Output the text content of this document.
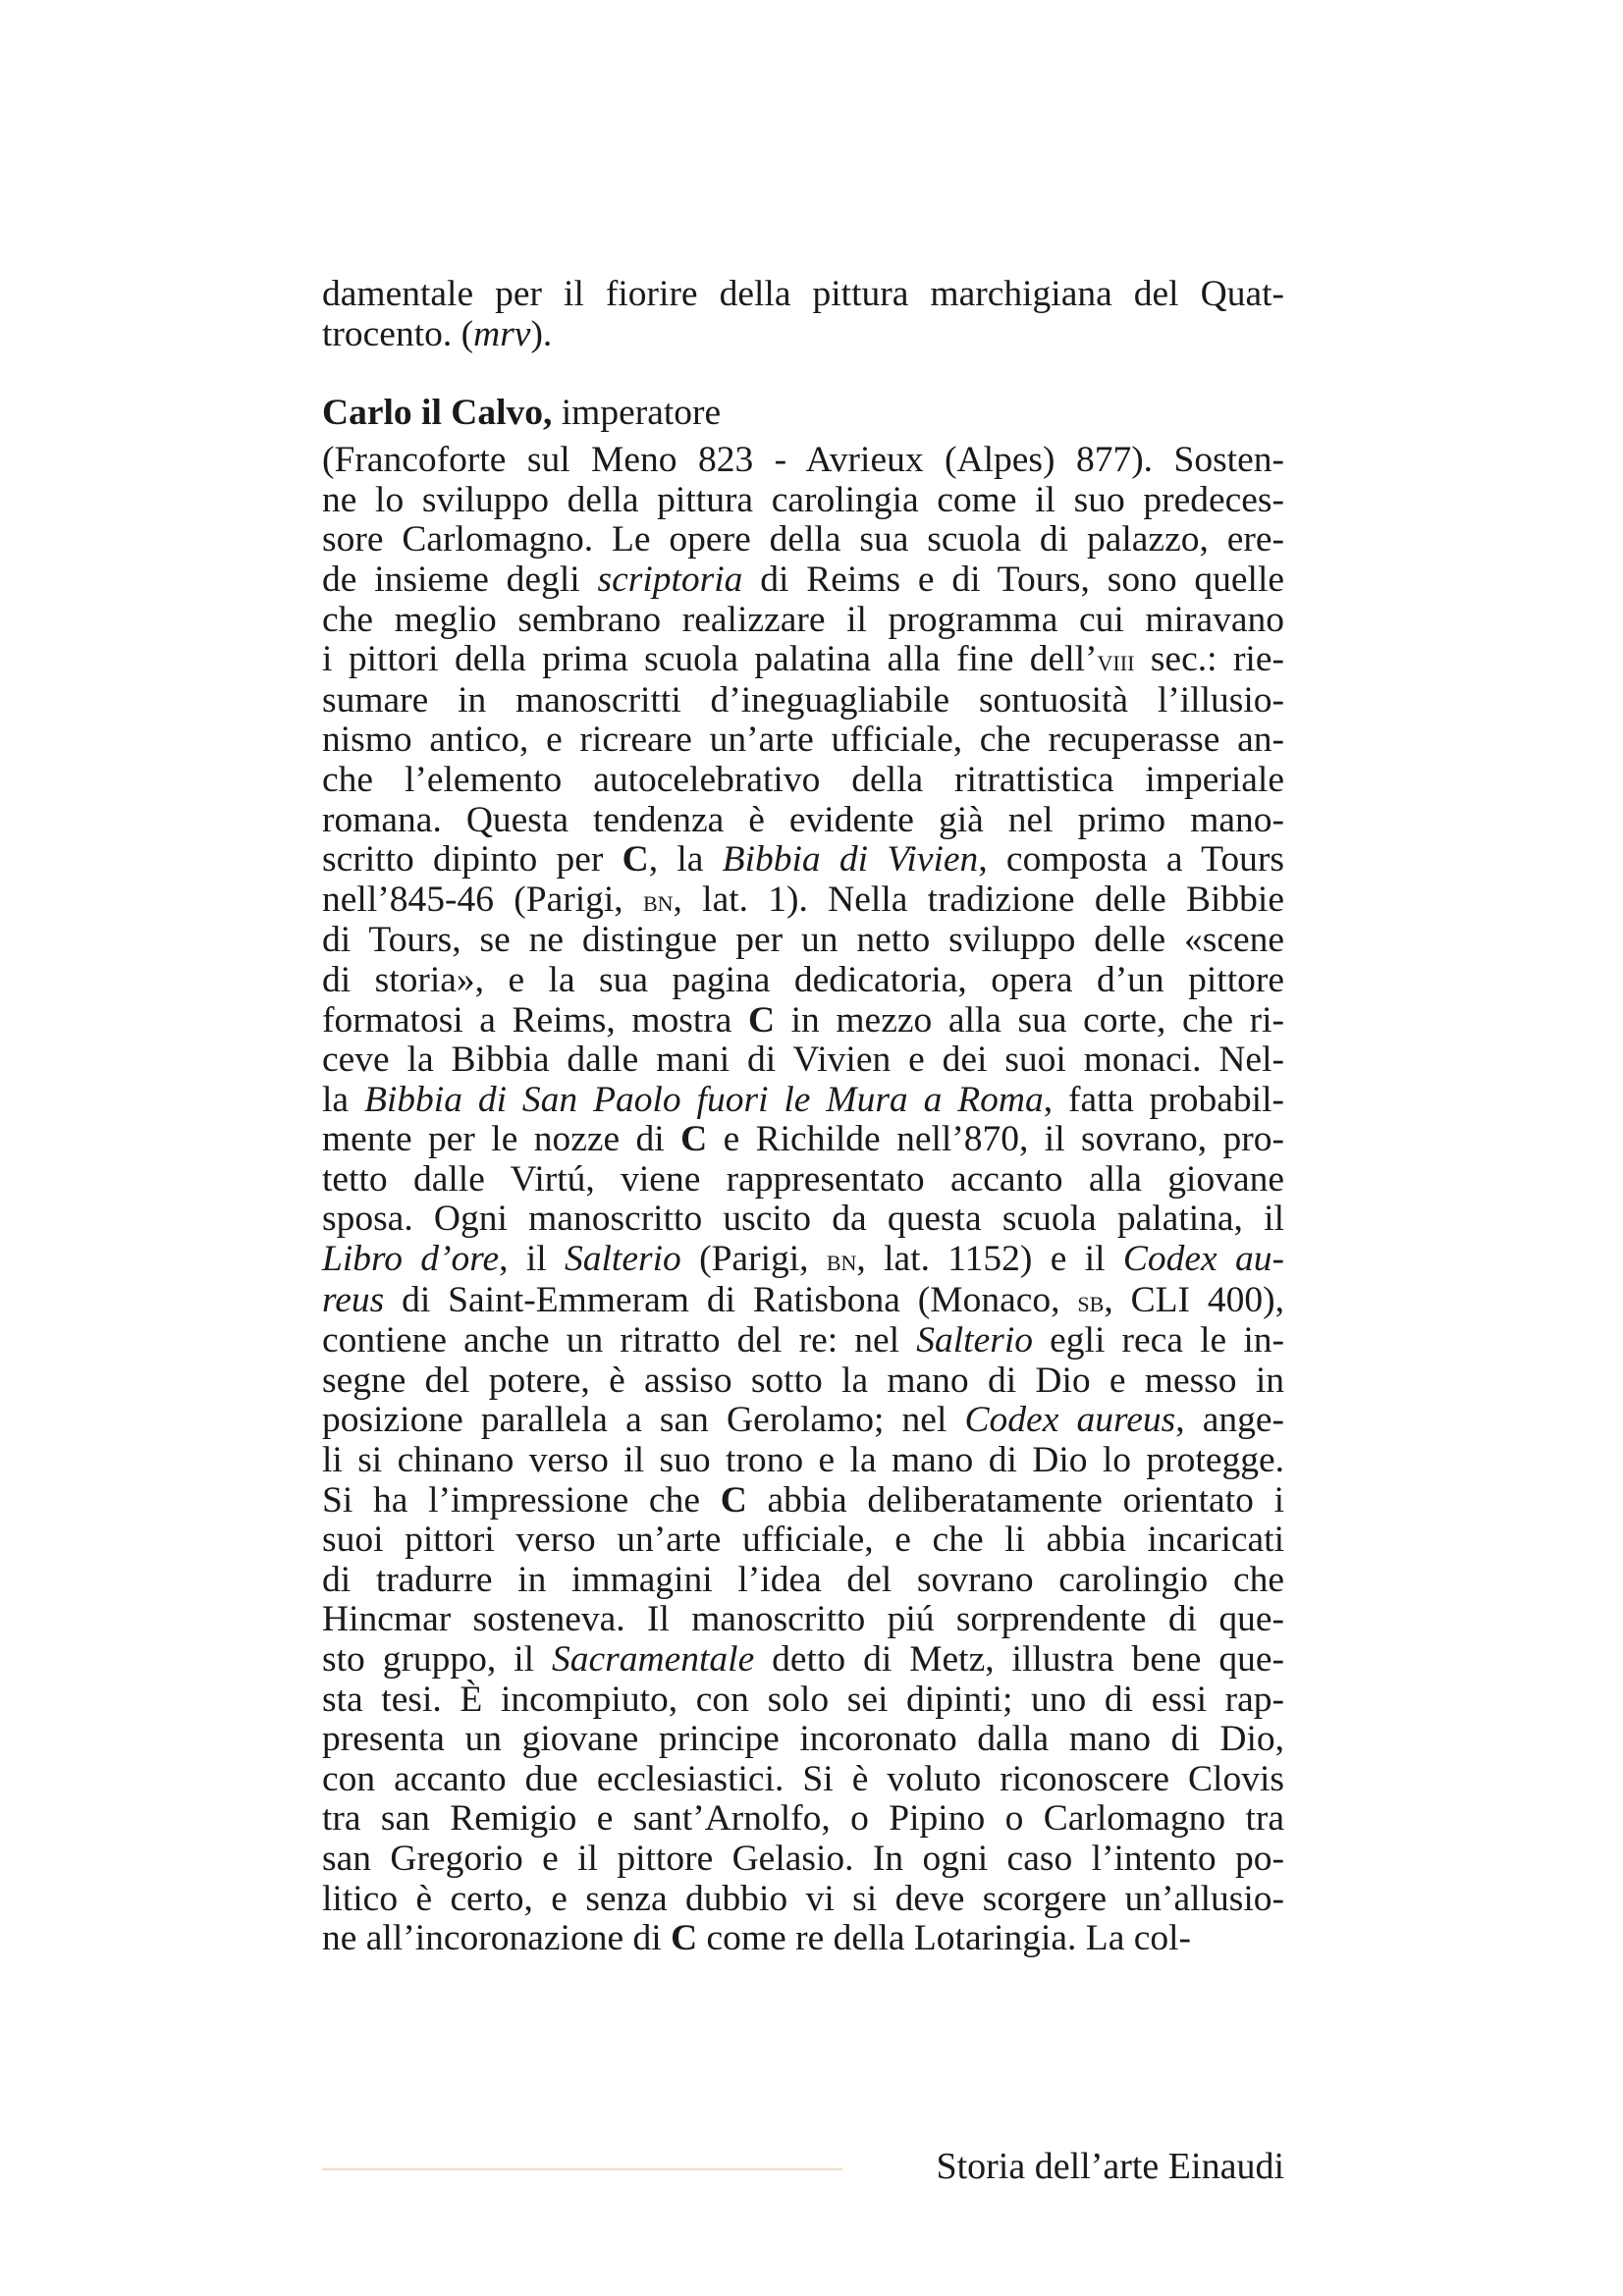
damentale per il fiorire della pittura marchigiana del Quat-
trocento. (mrv).
Carlo il Calvo, imperatore
(Francoforte sul Meno 823 - Avrieux (Alpes) 877). Sosten-
ne lo sviluppo della pittura carolingia come il suo predeces-
sore Carlomagno. Le opere della sua scuola di palazzo, ere-
de insieme degli scriptoria di Reims e di Tours, sono quelle
che meglio sembrano realizzare il programma cui miravano
i pittori della prima scuola palatina alla fine dell’viii sec.: rie-
sumare in manoscritti d’ineguagliabile sontuosità l’illusio-
nismo antico, e ricreare un’arte ufficiale, che recuperasse an-
che l’elemento autocelebrativo della ritrattistica imperiale
romana. Questa tendenza è evidente già nel primo mano-
scritto dipinto per C, la Bibbia di Vivien, composta a Tours
nell’845-46 (Parigi, bn, lat. 1). Nella tradizione delle Bibbie
di Tours, se ne distingue per un netto sviluppo delle «scene
di storia», e la sua pagina dedicatoria, opera d’un pittore
formatosi a Reims, mostra C in mezzo alla sua corte, che ri-
ceve la Bibbia dalle mani di Vivien e dei suoi monaci. Nel-
la Bibbia di San Paolo fuori le Mura a Roma, fatta probabil-
mente per le nozze di C e Richilde nell’870, il sovrano, pro-
tetto dalle Virtú, viene rappresentato accanto alla giovane
sposa. Ogni manoscritto uscito da questa scuola palatina, il
Libro d’ore, il Salterio (Parigi, bn, lat. 1152) e il Codex au-
reus di Saint-Emmeram di Ratisbona (Monaco, sb, CLI 400),
contiene anche un ritratto del re: nel Salterio egli reca le in-
segne del potere, è assiso sotto la mano di Dio e messo in
posizione parallela a san Gerolamo; nel Codex aureus, ange-
li si chinano verso il suo trono e la mano di Dio lo protegge.
Si ha l’impressione che C abbia deliberatamente orientato i
suoi pittori verso un’arte ufficiale, e che li abbia incaricati
di tradurre in immagini l’idea del sovrano carolingio che
Hincmar sosteneva. Il manoscritto piú sorprendente di que-
sto gruppo, il Sacramentale detto di Metz, illustra bene que-
sta tesi. È incompiuto, con solo sei dipinti; uno di essi rap-
presenta un giovane principe incoronato dalla mano di Dio,
con accanto due ecclesiastici. Si è voluto riconoscere Clovis
tra san Remigio e sant’Arnolfo, o Pipino o Carlomagno tra
san Gregorio e il pittore Gelasio. In ogni caso l’intento po-
litico è certo, e senza dubbio vi si deve scorgere un’allusio-
ne all’incoronazione di C come re della Lotaringia. La col-
Storia dell’arte Einaudi
